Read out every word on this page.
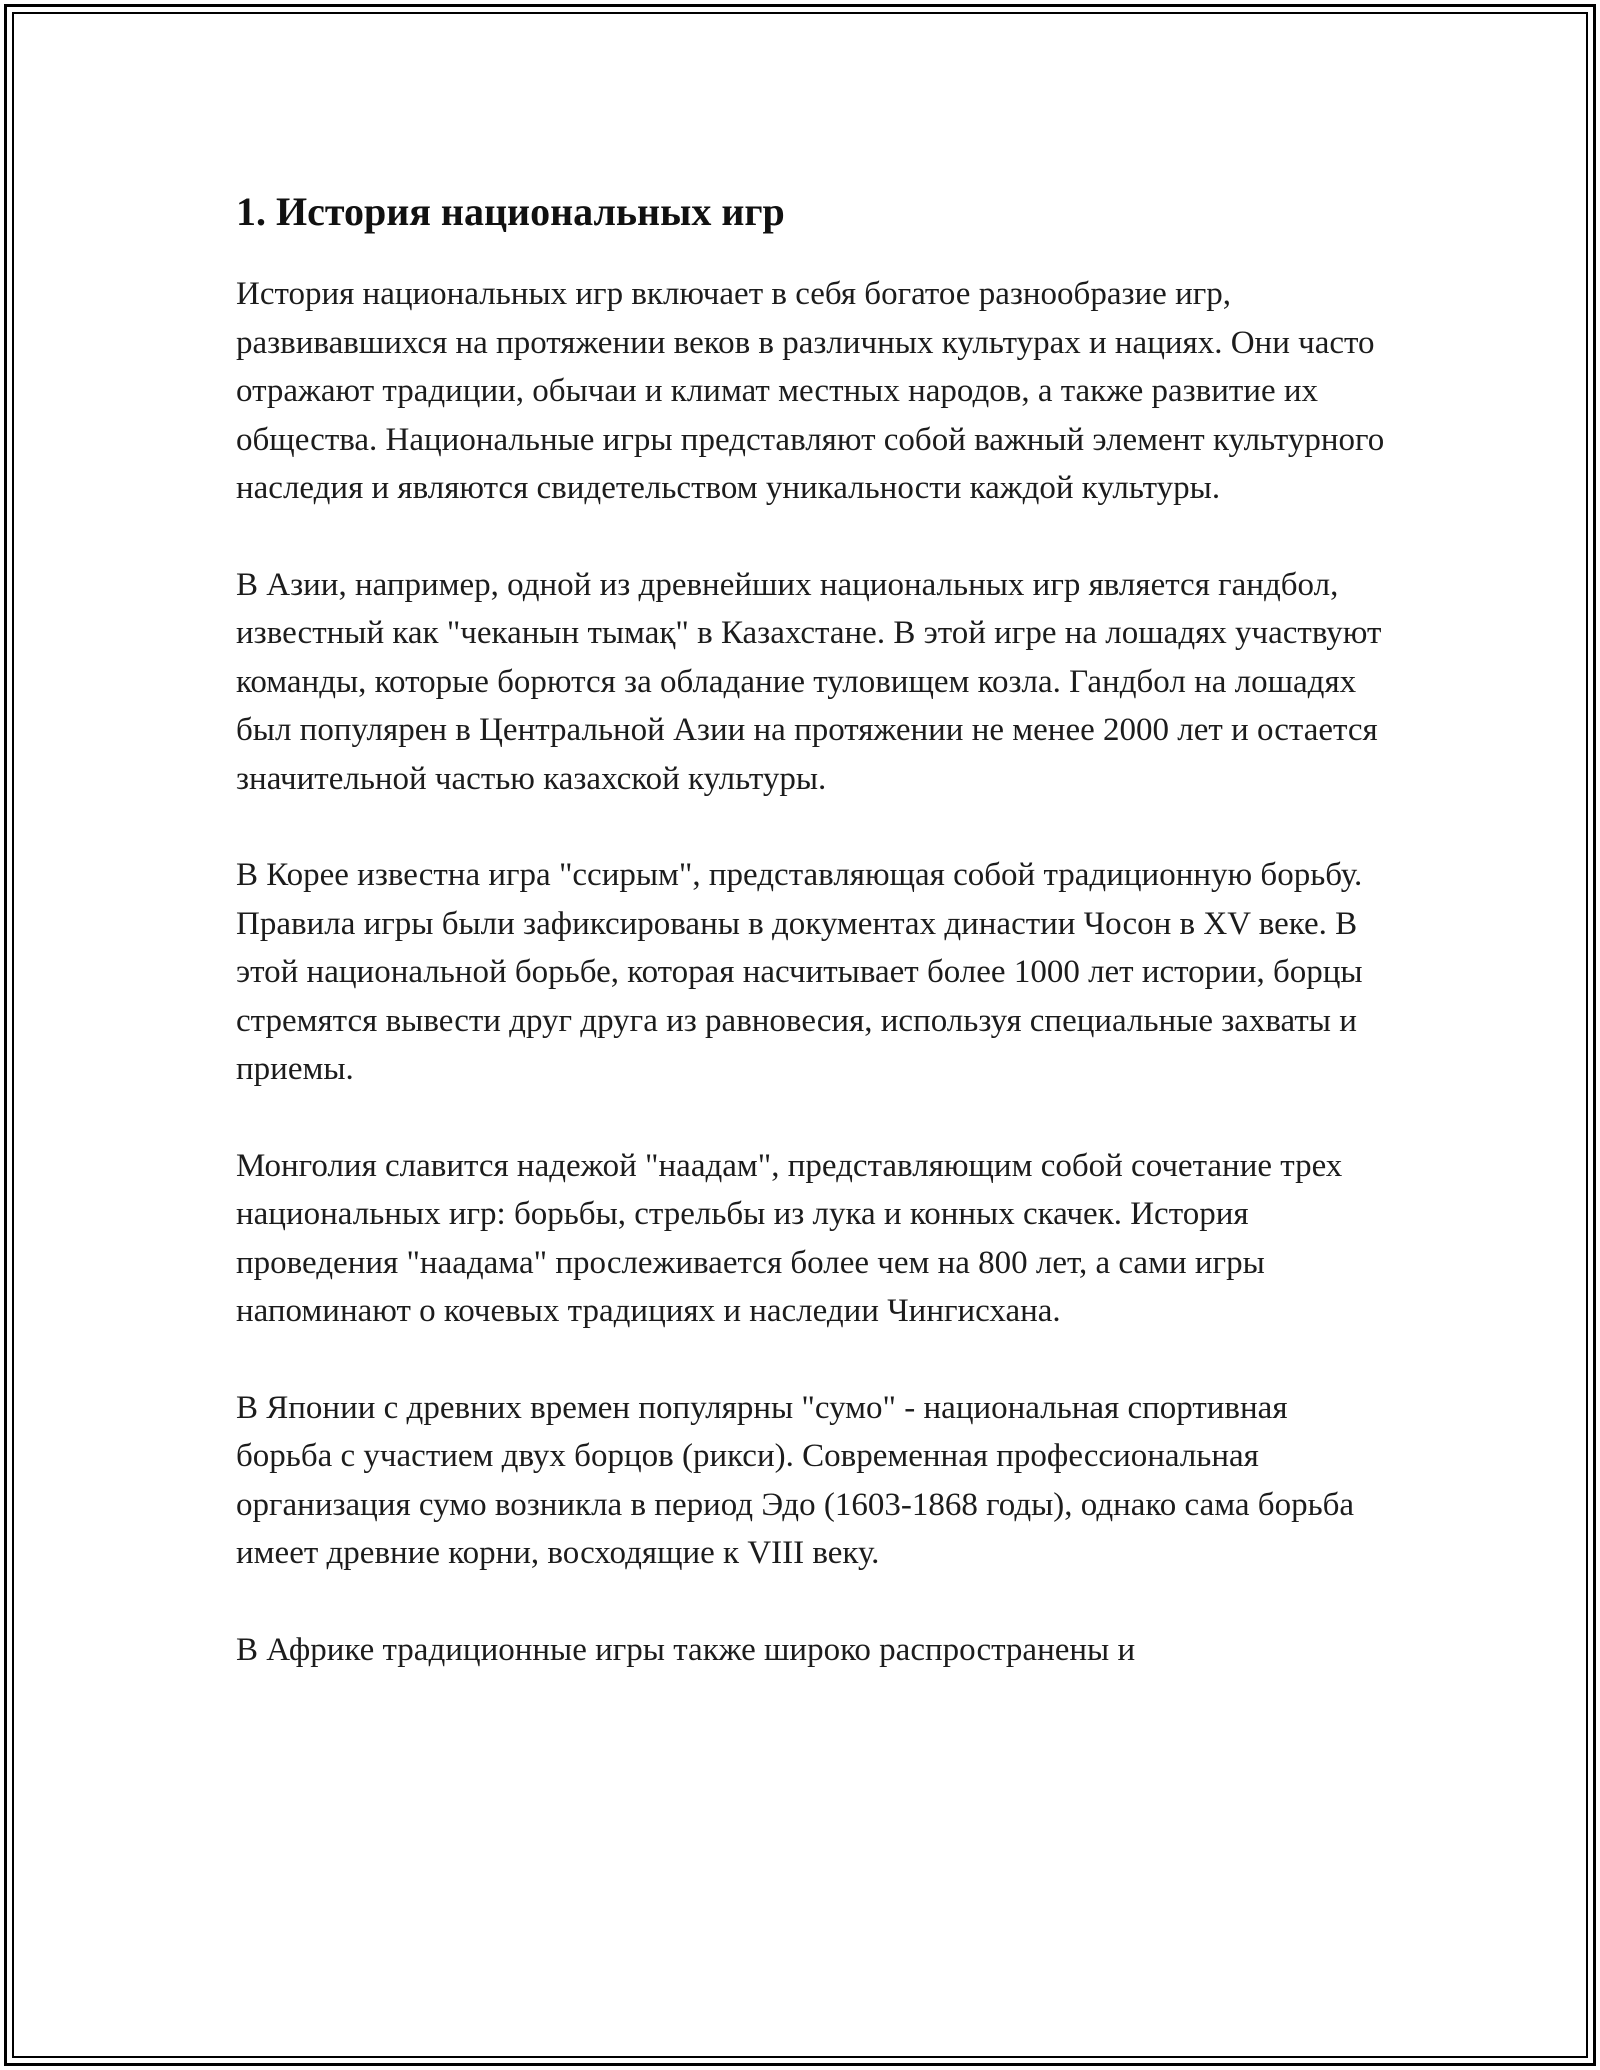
1. История национальных игр

История национальных игр включает в себя богатое разнообразие игр, развивавшихся на протяжении веков в различных культурах и нациях. Они часто отражают традиции, обычаи и климат местных народов, а также развитие их общества. Национальные игры представляют собой важный элемент культурного наследия и являются свидетельством уникальности каждой культуры.

В Азии, например, одной из древнейших национальных игр является гандбол, известный как "чеканын тымақ" в Казахстане. В этой игре на лошадях участвуют команды, которые борются за обладание туловищем козла. Гандбол на лошадях был популярен в Центральной Азии на протяжении не менее 2000 лет и остается значительной частью казахской культуры.

В Корее известна игра "ссирым", представляющая собой традиционную борьбу. Правила игры были зафиксированы в документах династии Чосон в XV веке. В этой национальной борьбе, которая насчитывает более 1000 лет истории, борцы стремятся вывести друг друга из равновесия, используя специальные захваты и приемы.

Монголия славится надежой "наадам", представляющим собой сочетание трех национальных игр: борьбы, стрельбы из лука и конных скачек. История проведения "наадама" прослеживается более чем на 800 лет, а сами игры напоминают о кочевых традициях и наследии Чингисхана.

В Японии с древних времен популярны "сумо" - национальная спортивная борьба с участием двух борцов (рикси). Современная профессиональная организация сумо возникла в период Эдо (1603-1868 годы), однако сама борьба имеет древние корни, восходящие к VIII веку.

В Африке традиционные игры также широко распространены и
